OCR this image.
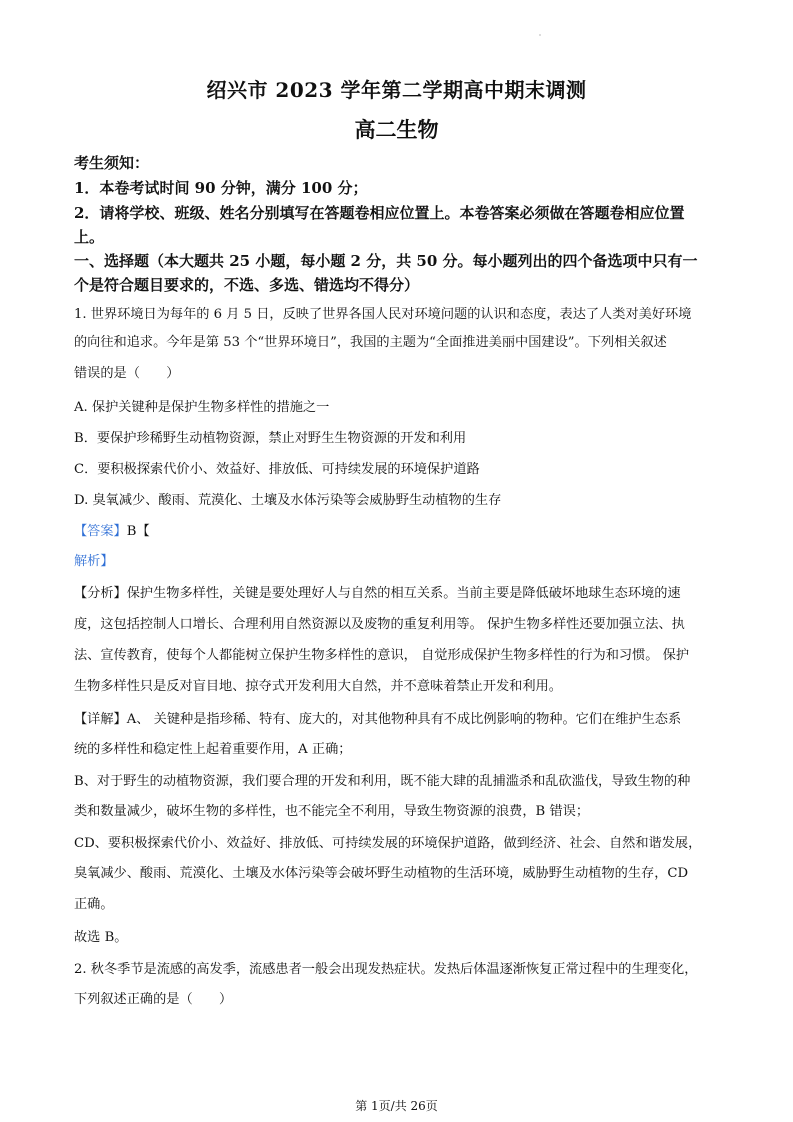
绍兴市 2023 学年第二学期高中期末调测
高二生物
考生须知：
1．本卷考试时间 90 分钟，满分 100 分；
2．请将学校、班级、姓名分别填写在答题卷相应位置上。本卷答案必须做在答题卷相应位置
上。
一、选择题（本大题共 25 小题，每小题 2 分，共 50 分。每小题列出的四个备选项中只有一
个是符合题目要求的，不选、多选、错选均不得分）
1. 世界环境日为每年的 6 月 5 日，反映了世界各国人民对环境问题的认识和态度，表达了人类对美好环境
的向往和追求。今年是第 53 个“世界环境日”，我国的主题为“全面推进美丽中国建设”。下列相关叙述
错误的是（　　）
A. 保护关键种是保护生物多样性的措施之一
B．要保护珍稀野生动植物资源，禁止对野生生物资源的开发和利用
C．要积极探索代价小、效益好、排放低、可持续发展的环境保护道路
D. 臭氧减少、酸雨、荒漠化、土壤及水体污染等会威胁野生动植物的生存
【答案】B【
解析】
【分析】保护生物多样性，关键是要处理好人与自然的相互关系。当前主要是降低破坏地球生态环境的速
度，这包括控制人口增长、合理利用自然资源以及废物的重复利用等。 保护生物多样性还要加强立法、执
法、宣传教育，使每个人都能树立保护生物多样性的意识， 自觉形成保护生物多样性的行为和习惯。 保护
生物多样性只是反对盲目地、掠夺式开发利用大自然，并不意味着禁止开发和利用。
【详解】A、 关键种是指珍稀、特有、庞大的，对其他物种具有不成比例影响的物种。它们在维护生态系
统的多样性和稳定性上起着重要作用，A 正确；
B、对于野生的动植物资源，我们要合理的开发和利用，既不能大肆的乱捕滥杀和乱砍滥伐，导致生物的种
类和数量减少，破坏生物的多样性，也不能完全不利用，导致生物资源的浪费，B 错误；
CD、要积极探索代价小、效益好、排放低、可持续发展的环境保护道路，做到经济、社会、自然和谐发展，
臭氧减少、酸雨、荒漠化、土壤及水体污染等会破坏野生动植物的生活环境，威胁野生动植物的生存，CD
正确。
故选 B。
2. 秋冬季节是流感的高发季，流感患者一般会出现发热症状。发热后体温逐渐恢复正常过程中的生理变化，
下列叙述正确的是（　　）
第 1页/共 26页
